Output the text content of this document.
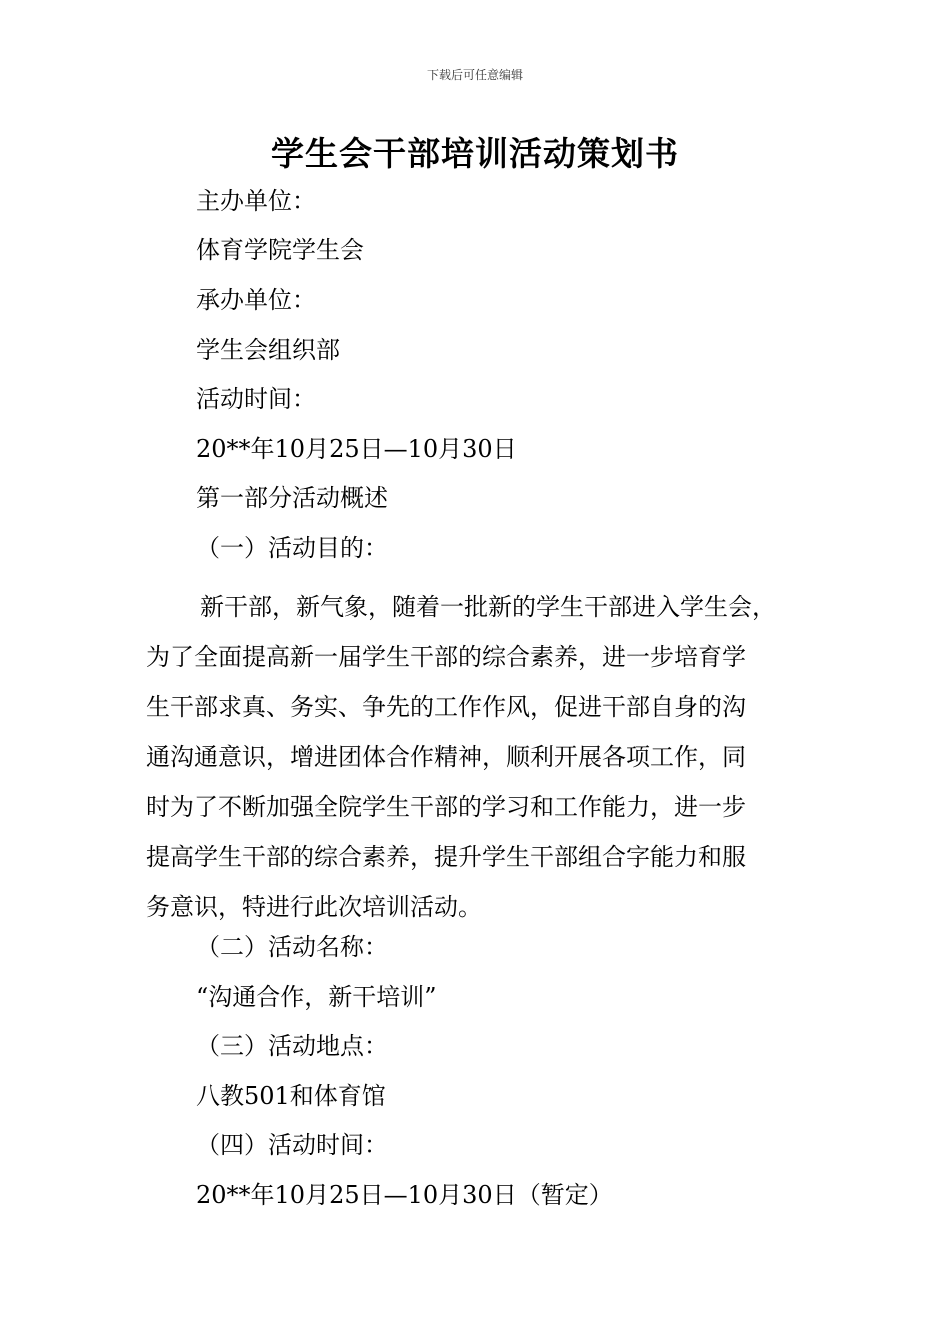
下载后可任意编辑
学生会干部培训活动策划书
主办单位：
体育学院学生会
承办单位：
学生会组织部
活动时间：
20**年10月25日—10月30日
第一部分活动概述
（一）活动目的：
新干部，新气象，随着一批新的学生干部进入学生会，
为了全面提高新一届学生干部的综合素养，进一步培育学
生干部求真、务实、争先的工作作风，促进干部自身的沟
通沟通意识，增进团体合作精神，顺利开展各项工作，同
时为了不断加强全院学生干部的学习和工作能力，进一步
提高学生干部的综合素养，提升学生干部组合字能力和服
务意识，特进行此次培训活动。
（二）活动名称：
“沟通合作，新干培训”
（三）活动地点：
八教501和体育馆
（四）活动时间：
20**年10月25日—10月30日（暂定）
